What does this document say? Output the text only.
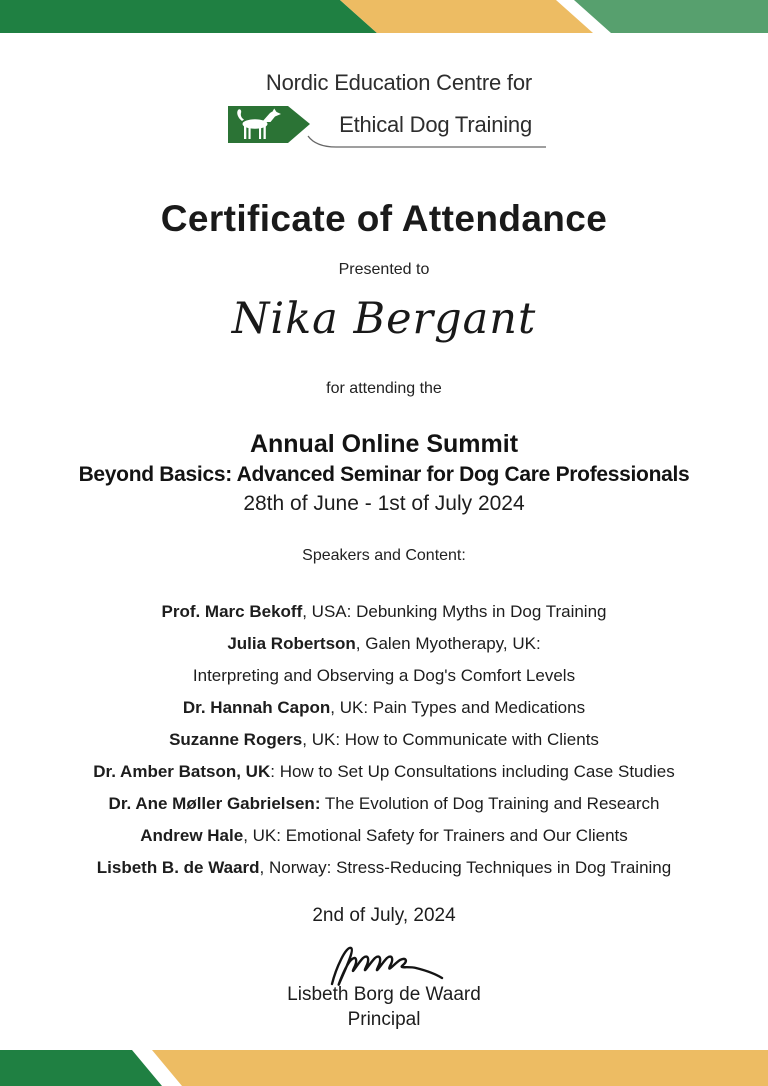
Nordic Education Centre for
Ethical Dog Training
Certificate of Attendance
Presented to
Nika Bergant
for attending the
Annual Online Summit
Beyond Basics: Advanced Seminar for Dog Care Professionals
28th of June - 1st of July 2024
Speakers and Content:
Prof. Marc Bekoff, USA: Debunking Myths in Dog Training
Julia Robertson, Galen Myotherapy, UK:
Interpreting and Observing a Dog's Comfort Levels
Dr. Hannah Capon, UK: Pain Types and Medications
Suzanne Rogers, UK: How to Communicate with Clients
Dr. Amber Batson, UK: How to Set Up Consultations including Case Studies
Dr. Ane Møller Gabrielsen: The Evolution of Dog Training and Research
Andrew Hale, UK: Emotional Safety for Trainers and Our Clients
Lisbeth B. de Waard, Norway: Stress-Reducing Techniques in Dog Training
2nd of July, 2024
Lisbeth Borg de Waard
Principal
